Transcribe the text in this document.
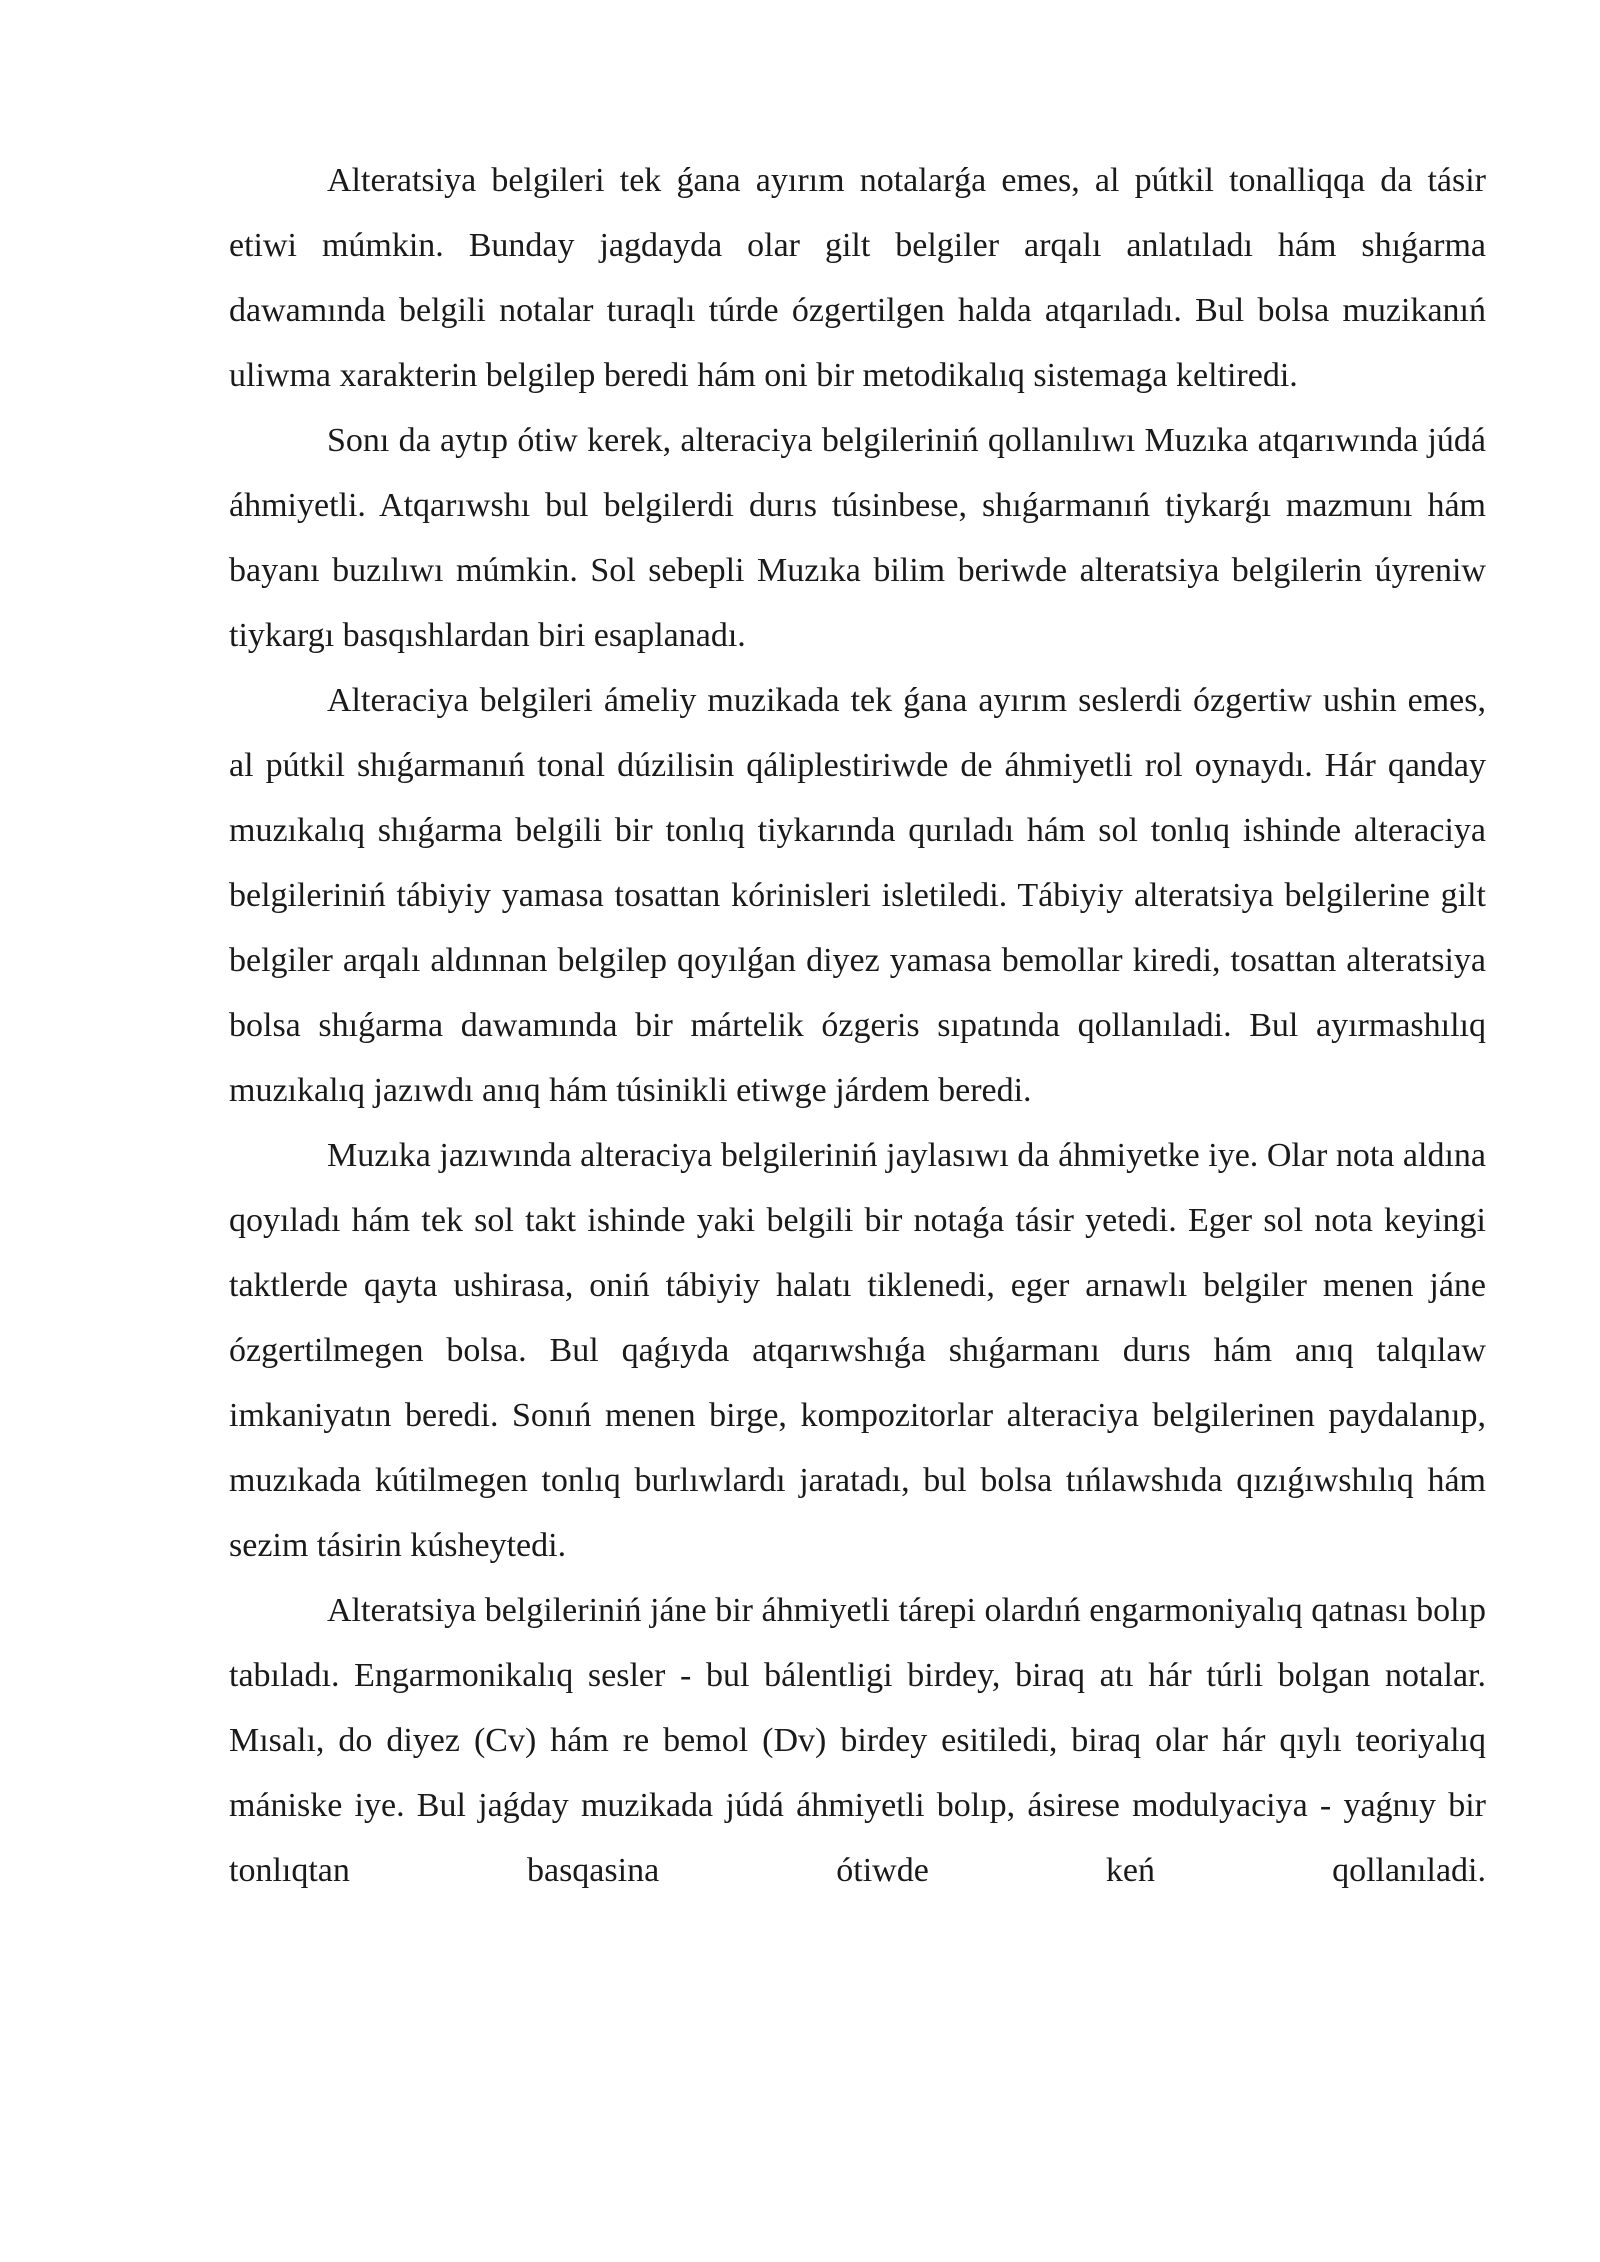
Alteratsiya belgileri tek ǵana ayırım notalarǵa emes, al pútkil tonalliqqa da tásir etiwi múmkin. Bunday jagdayda olar gilt belgiler arqalı anlatıladı hám shıǵarma dawamında belgili notalar turaqlı túrde ózgertilgen halda atqarıladı. Bul bolsa muzikanıń uliwma xarakterin belgilep beredi hám oni bir metodikalıq sistemaga keltiredi.

Sonı da aytıp ótiw kerek, alteraciya belgileriniń qollanılıwı Muzıka atqarıwında júdá áhmiyetli. Atqarıwshı bul belgilerdi durıs túsinbese, shıǵarmanıń tiykarǵı mazmunı hám bayanı buzılıwı múmkin. Sol sebepli Muzıka bilim beriwde alteratsiya belgilerin úyreniw tiykargı basqıshlardan biri esaplanadı.

Alteraciya belgileri ámeliy muzikada tek ǵana ayırım seslerdi ózgertiw ushin emes, al pútkil shıǵarmanıń tonal dúzilisin qáliplestiriwde de áhmiyetli rol oynaydı. Hár qanday muzıkalıq shıǵarma belgili bir tonlıq tiykarında qurıladı hám sol tonlıq ishinde alteraciya belgileriniń tábiyiy yamasa tosattan kórinisleri isletiledi. Tábiyiy alteratsiya belgilerine gilt belgiler arqalı aldınnan belgilep qoyılǵan diyez yamasa bemollar kiredi, tosattan alteratsiya bolsa shıǵarma dawamında bir mártelik ózgeris sıpatında qollanıladi. Bul ayırmashılıq muzıkalıq jazıwdı anıq hám túsinikli etiwge járdem beredi.

Muzıka jazıwında alteraciya belgileriniń jaylasıwı da áhmiyetke iye. Olar nota aldına qoyıladı hám tek sol takt ishinde yaki belgili bir notaǵa tásir yetedi. Eger sol nota keyingi taktlerde qayta ushirasa, oniń tábiyiy halatı tiklenedi, eger arnawlı belgiler menen jáne ózgertilmegen bolsa. Bul qaǵıyda atqarıwshıǵa shıǵarmanı durıs hám anıq talqılaw imkaniyatın beredi. Sonıń menen birge, kompozitorlar alteraciya belgilerinen paydalanıp, muzıkada kútilmegen tonlıq burlıwlardı jaratadı, bul bolsa tıńlawshıda qızıǵıwshılıq hám sezim tásirin kúsheytedi.

Alteratsiya belgileriniń jáne bir áhmiyetli tárepi olardıń engarmoniyalıq qatnası bolıp tabıladı. Engarmonikalıq sesler - bul bálentligi birdey, biraq atı hár túrli bolgan notalar. Mısalı, do diyez (Cv) hám re bemol (Dv) birdey esitiledi, biraq olar hár qıylı teoriyalıq mániske iye. Bul jaǵday muzikada júdá áhmiyetli bolıp, ásirese modulyaciya - yaǵnıy bir tonlıqtan basqasina ótiwde keń qollanıladi.
